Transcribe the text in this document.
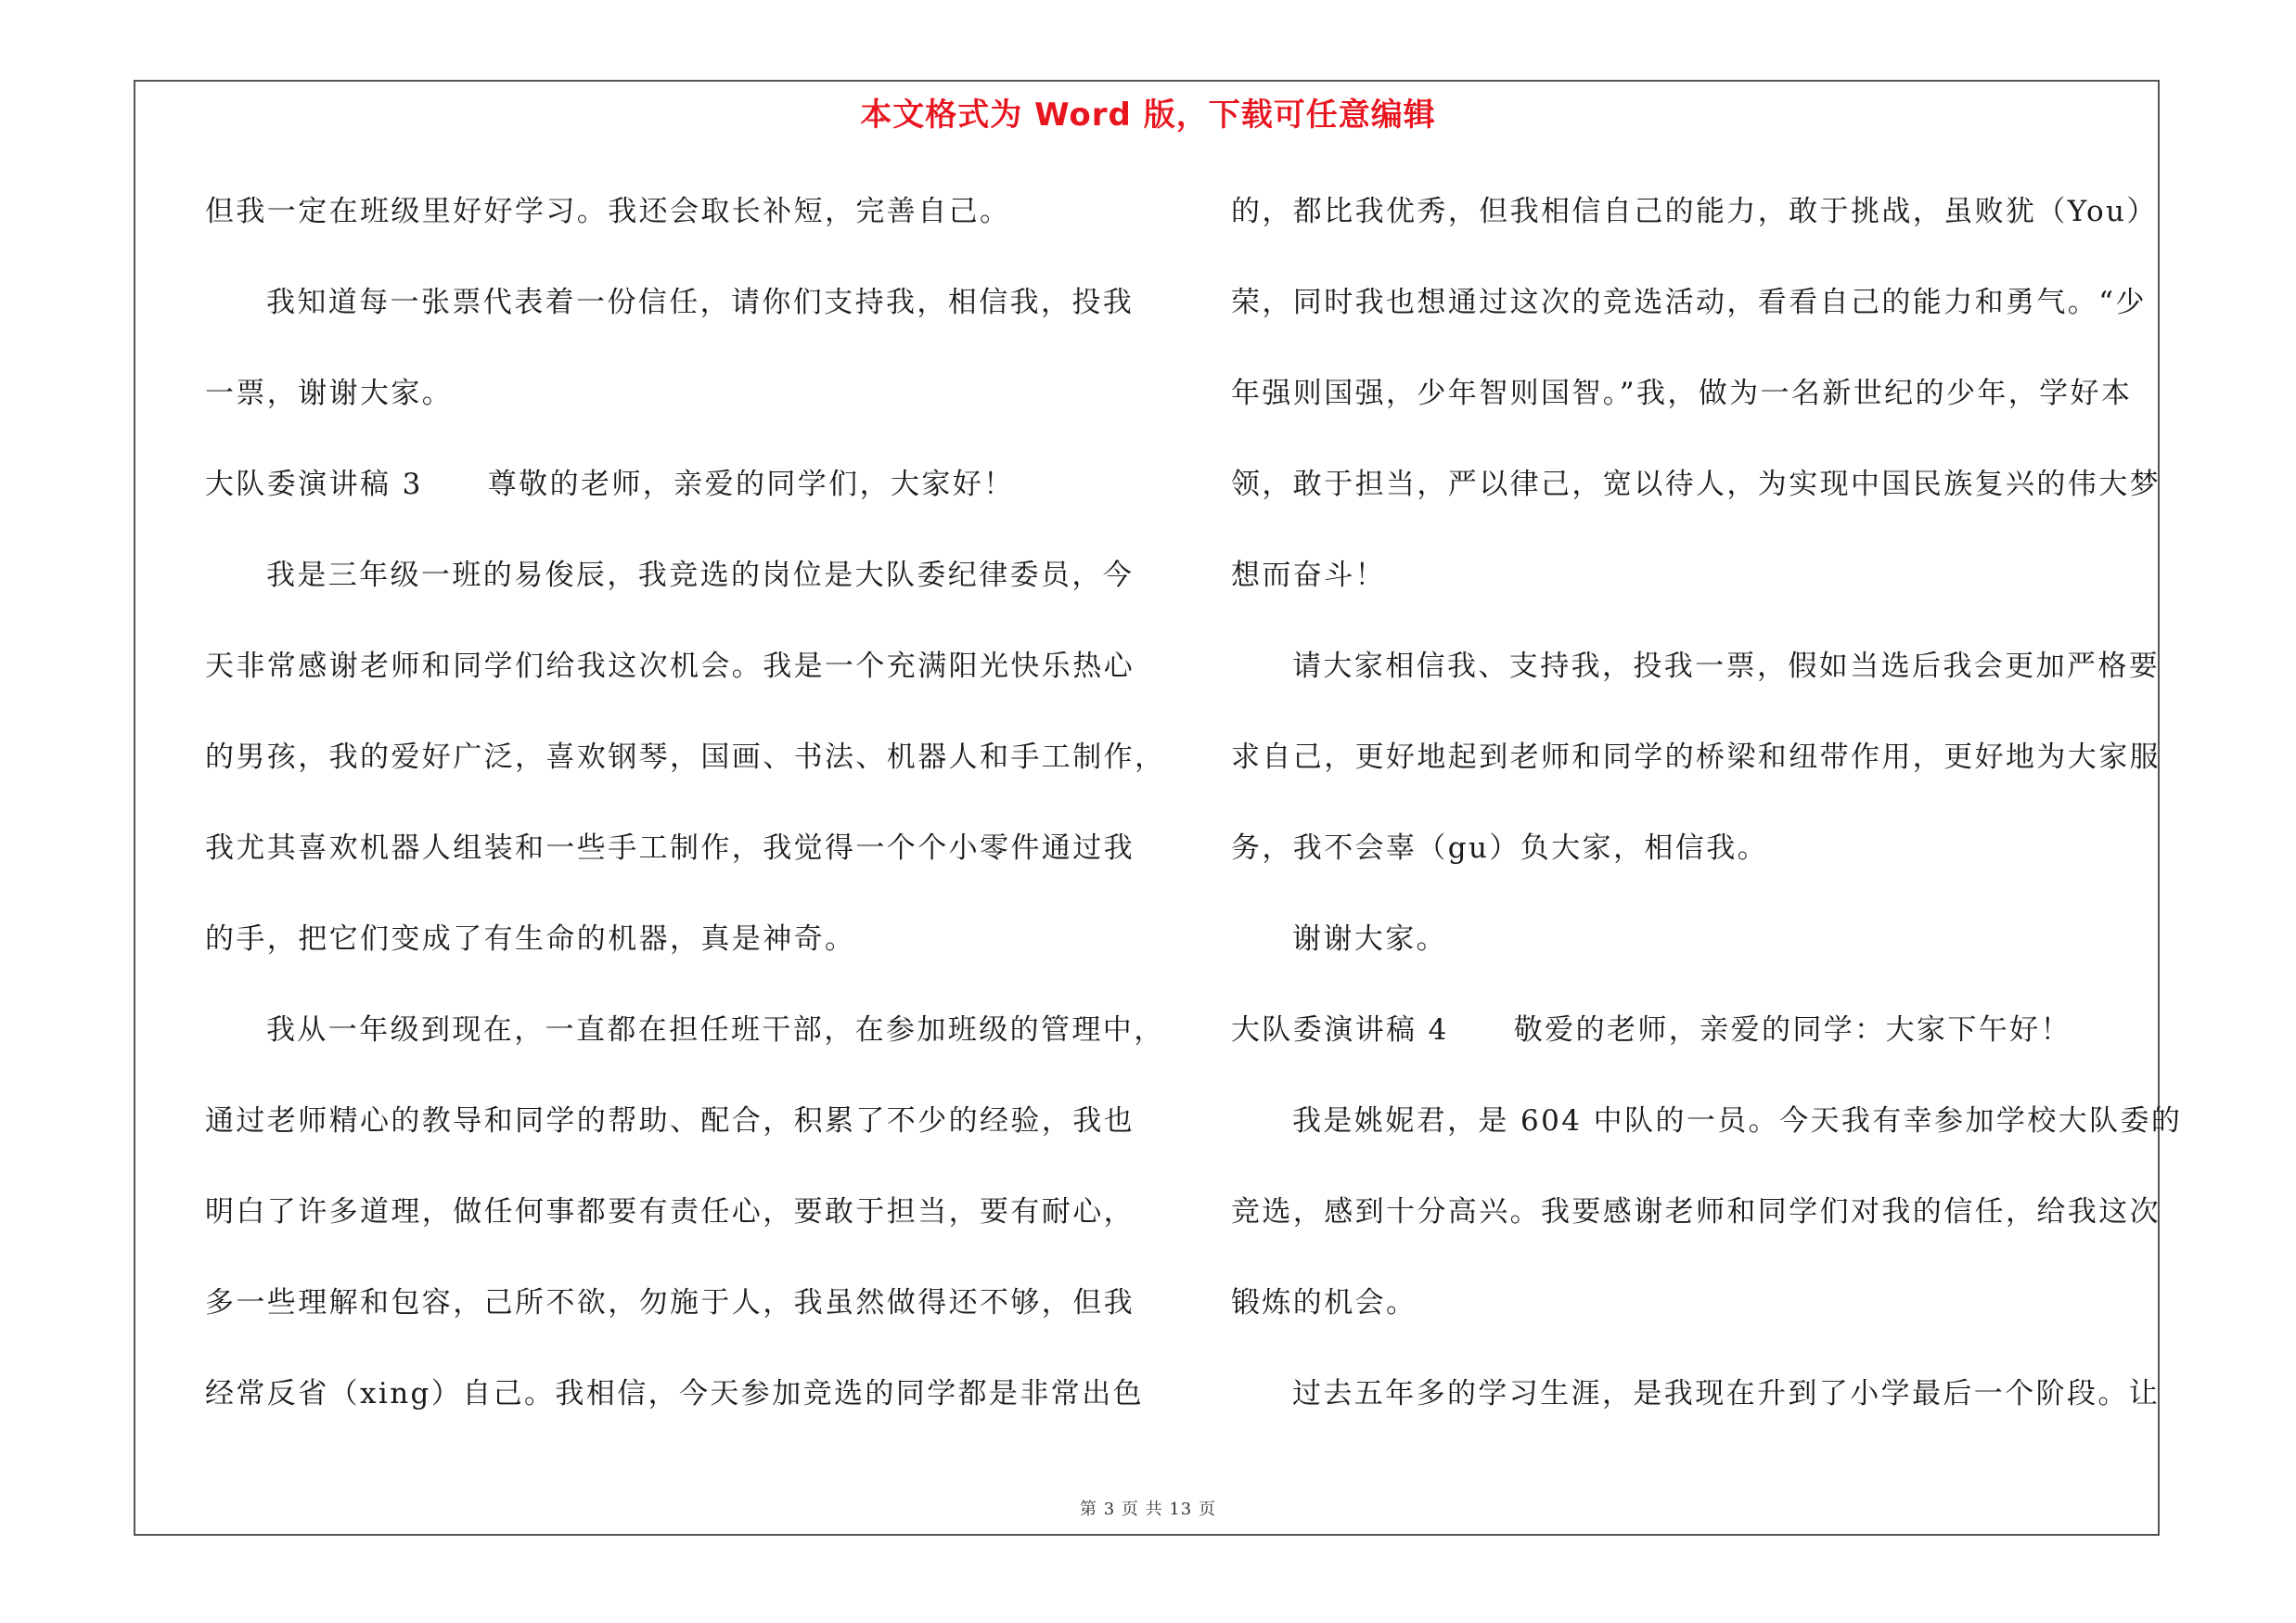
本文格式为 Word 版，下载可任意编辑
但我一定在班级里好好学习。我还会取长补短，完善自己。
我知道每一张票代表着一份信任，请你们支持我，相信我，投我
一票，谢谢大家。
大队委演讲稿 3 尊敬的老师，亲爱的同学们，大家好！
我是三年级一班的易俊辰，我竞选的岗位是大队委纪律委员，今
天非常感谢老师和同学们给我这次机会。我是一个充满阳光快乐热心
的男孩，我的爱好广泛，喜欢钢琴，国画、书法、机器人和手工制作，
我尤其喜欢机器人组装和一些手工制作，我觉得一个个小零件通过我
的手，把它们变成了有生命的机器，真是神奇。
我从一年级到现在，一直都在担任班干部，在参加班级的管理中，
通过老师精心的教导和同学的帮助、配合，积累了不少的经验，我也
明白了许多道理，做任何事都要有责任心，要敢于担当，要有耐心，
多一些理解和包容，己所不欲，勿施于人，我虽然做得还不够，但我
经常反省（xing）自己。我相信，今天参加竞选的同学都是非常出色
的，都比我优秀，但我相信自己的能力，敢于挑战，虽败犹（You）
荣，同时我也想通过这次的竞选活动，看看自己的能力和勇气。“少
年强则国强，少年智则国智。”我，做为一名新世纪的少年，学好本
领，敢于担当，严以律己，宽以待人，为实现中国民族复兴的伟大梦
想而奋斗！
请大家相信我、支持我，投我一票，假如当选后我会更加严格要
求自己，更好地起到老师和同学的桥梁和纽带作用，更好地为大家服
务，我不会辜（gu）负大家，相信我。
谢谢大家。
大队委演讲稿 4 敬爱的老师，亲爱的同学：大家下午好！
我是姚妮君，是 604 中队的一员。今天我有幸参加学校大队委的
竞选，感到十分高兴。我要感谢老师和同学们对我的信任，给我这次
锻炼的机会。
过去五年多的学习生涯，是我现在升到了小学最后一个阶段。让
第 3 页 共 13 页
